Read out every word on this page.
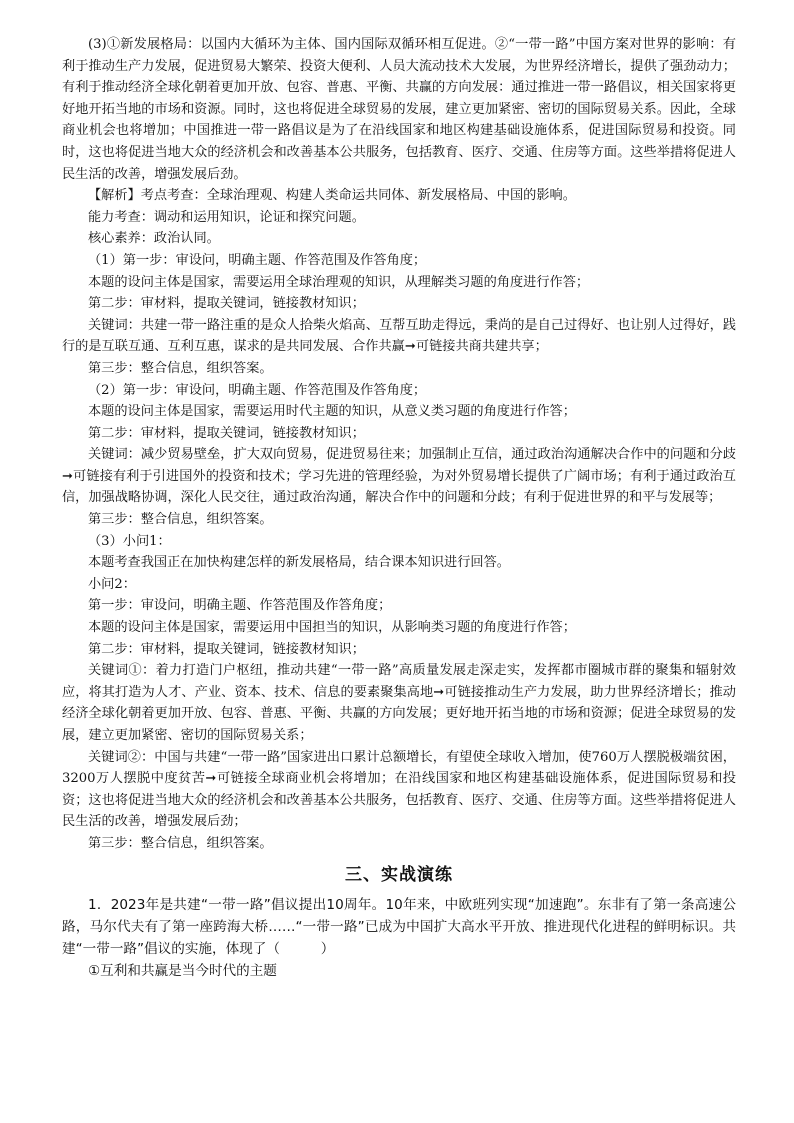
(3)①新发展格局：以国内大循环为主体、国内国际双循环相互促进。②“一带一路”中国方案对世界的影响：有利于推动生产力发展，促进贸易大繁荣、投资大便利、人员大流动技术大发展，为世界经济增长，提供了强劲动力；有利于推动经济全球化朝着更加开放、包容、普惠、平衡、共赢的方向发展：通过推进一带一路倡议，相关国家将更好地开拓当地的市场和资源。同时，这也将促进全球贸易的发展，建立更加紧密、密切的国际贸易关系。因此，全球商业机会也将增加；中国推进一带一路倡议是为了在沿线国家和地区构建基础设施体系，促进国际贸易和投资。同时，这也将促进当地大众的经济机会和改善基本公共服务，包括教育、医疗、交通、住房等方面。这些举措将促进人民生活的改善，增强发展后劲。

【解析】考点考查：全球治理观、构建人类命运共同体、新发展格局、中国的影响。

能力考查：调动和运用知识，论证和探究问题。

核心素养：政治认同。

（1）第一步：审设问，明确主题、作答范围及作答角度；

本题的设问主体是国家，需要运用全球治理观的知识，从理解类习题的角度进行作答；

第二步：审材料，提取关键词，链接教材知识；

关键词：共建一带一路注重的是众人拾柴火焰高、互帮互助走得远，秉尚的是自己过得好、也让别人过得好，践行的是互联互通、互利互惠，谋求的是共同发展、合作共赢➞可链接共商共建共享；

第三步：整合信息，组织答案。

（2）第一步：审设问，明确主题、作答范围及作答角度；

本题的设问主体是国家，需要运用时代主题的知识，从意义类习题的角度进行作答；

第二步：审材料，提取关键词，链接教材知识；

关键词：减少贸易壁垒，扩大双向贸易，促进贸易往来；加强制止互信，通过政治沟通解决合作中的问题和分歧➞可链接有利于引进国外的投资和技术；学习先进的管理经验，为对外贸易增长提供了广阔市场；有利于通过政治互信，加强战略协调，深化人民交往，通过政治沟通，解决合作中的问题和分歧；有利于促进世界的和平与发展等；

第三步：整合信息，组织答案。

（3）小问1：

本题考查我国正在加快构建怎样的新发展格局，结合课本知识进行回答。

小问2：

第一步：审设问，明确主题、作答范围及作答角度；

本题的设问主体是国家，需要运用中国担当的知识，从影响类习题的角度进行作答；

第二步：审材料，提取关键词，链接教材知识；

关键词①：着力打造门户枢纽，推动共建“一带一路”高质量发展走深走实，发挥都市圈城市群的聚集和辐射效应，将其打造为人才、产业、资本、技术、信息的要素聚集高地➞可链接推动生产力发展，助力世界经济增长；推动经济全球化朝着更加开放、包容、普惠、平衡、共赢的方向发展；更好地开拓当地的市场和资源；促进全球贸易的发展，建立更加紧密、密切的国际贸易关系；

关键词②：中国与共建“一带一路”国家进出口累计总额增长，有望使全球收入增加，使760万人摆脱极端贫困，3200万人摆脱中度贫苦➞可链接全球商业机会将增加；在沿线国家和地区构建基础设施体系，促进国际贸易和投资；这也将促进当地大众的经济机会和改善基本公共服务，包括教育、医疗、交通、住房等方面。这些举措将促进人民生活的改善，增强发展后劲；

第三步：整合信息，组织答案。

三、实战演练

1．2023年是共建“一带一路”倡议提出10周年。10年来，中欧班列实现“加速跑”。东非有了第一条高速公路，马尔代夫有了第一座跨海大桥……“一带一路”已成为中国扩大高水平开放、推进现代化进程的鲜明标识。共建“一带一路”倡议的实施，体现了（　　　）

①互利和共赢是当今时代的主题
